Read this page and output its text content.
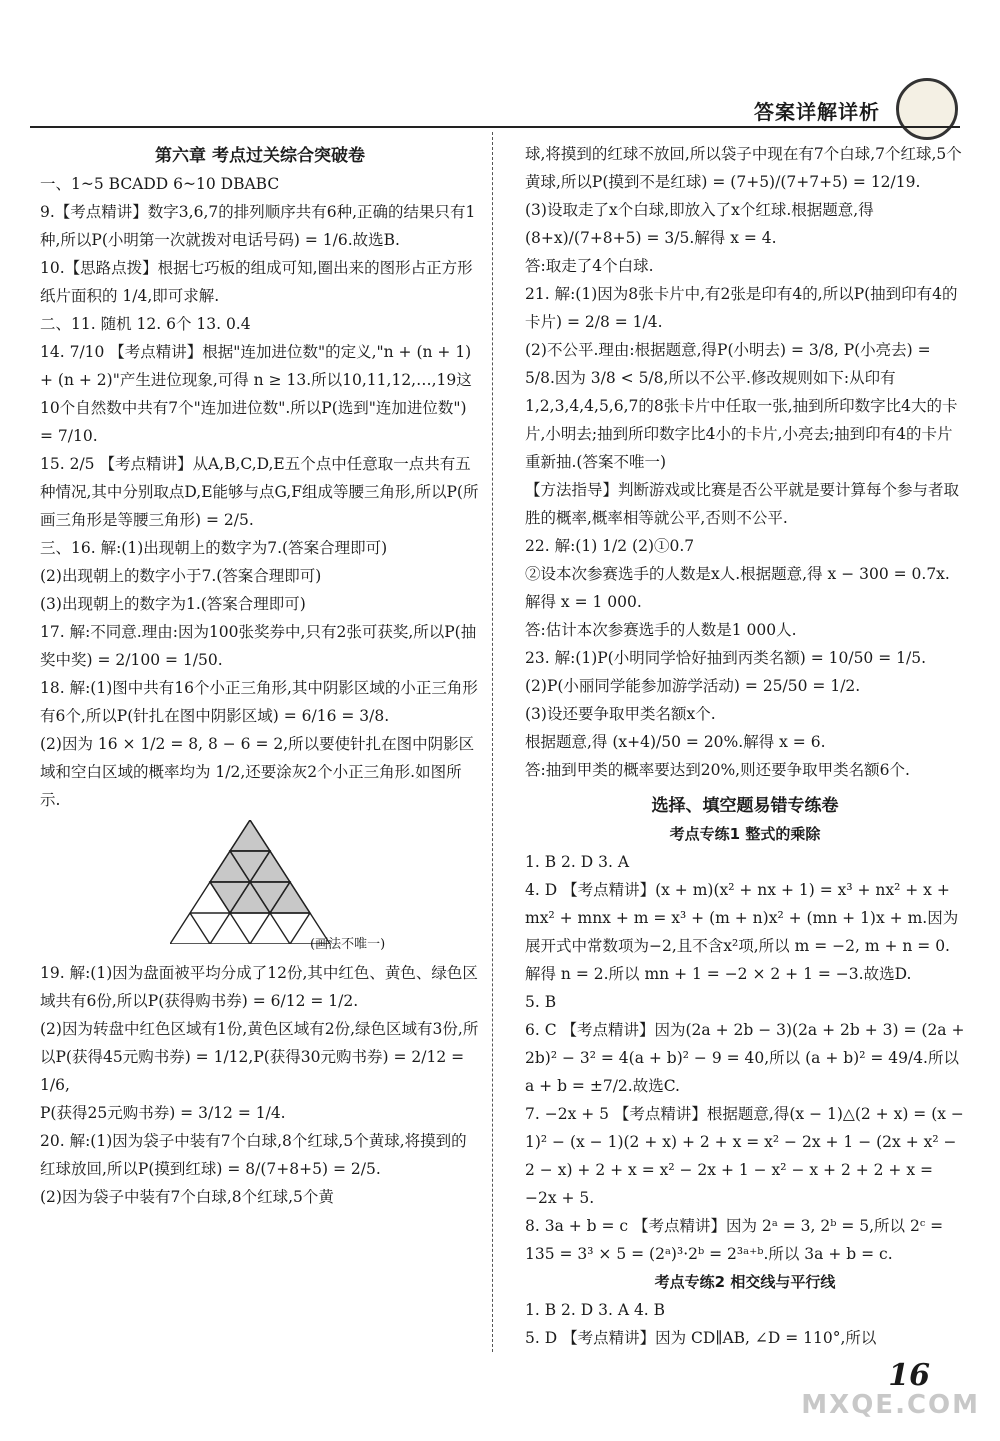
答案详解详析

第六章 考点过关综合突破卷

一、1~5 BCADD 6~10 DBABC

9.【考点精讲】数字3,6,7的排列顺序共有6种,正确的结果只有1种,所以P(小明第一次就拨对电话号码) = 1/6.故选B.

10.【思路点拨】根据七巧板的组成可知,圈出来的图形占正方形纸片面积的 1/4,即可求解.

二、11. 随机 12. 6个 13. 0.4

14. 7/10 【考点精讲】根据"连加进位数"的定义,"n + (n + 1) + (n + 2)"产生进位现象,可得 n ≥ 13.所以10,11,12,…,19这10个自然数中共有7个"连加进位数".所以P(选到"连加进位数") = 7/10.

15. 2/5 【考点精讲】从A,B,C,D,E五个点中任意取一点共有五种情况,其中分别取点D,E能够与点G,F组成等腰三角形,所以P(所画三角形是等腰三角形) = 2/5.

三、16. 解:(1)出现朝上的数字为7.(答案合理即可)

(2)出现朝上的数字小于7.(答案合理即可)

(3)出现朝上的数字为1.(答案合理即可)

17. 解:不同意.理由:因为100张奖券中,只有2张可获奖,所以P(抽奖中奖) = 2/100 = 1/50.

18. 解:(1)图中共有16个小正三角形,其中阴影区域的小正三角形有6个,所以P(针扎在图中阴影区域) = 6/16 = 3/8.

(2)因为 16 × 1/2 = 8, 8 − 6 = 2,所以要使针扎在图中阴影区域和空白区域的概率均为 1/2,还要涂灰2个小正三角形.如图所示.

(画法不唯一)

19. 解:(1)因为盘面被平均分成了12份,其中红色、黄色、绿色区域共有6份,所以P(获得购书券) = 6/12 = 1/2.

(2)因为转盘中红色区域有1份,黄色区域有2份,绿色区域有3份,所以P(获得45元购书券) = 1/12,P(获得30元购书券) = 2/12 = 1/6,

P(获得25元购书券) = 3/12 = 1/4.

20. 解:(1)因为袋子中装有7个白球,8个红球,5个黄球,将摸到的红球放回,所以P(摸到红球) = 8/(7+8+5) = 2/5.

(2)因为袋子中装有7个白球,8个红球,5个黄

球,将摸到的红球不放回,所以袋子中现在有7个白球,7个红球,5个黄球,所以P(摸到不是红球) = (7+5)/(7+7+5) = 12/19.

(3)设取走了x个白球,即放入了x个红球.根据题意,得 (8+x)/(7+8+5) = 3/5.解得 x = 4.

答:取走了4个白球.

21. 解:(1)因为8张卡片中,有2张是印有4的,所以P(抽到印有4的卡片) = 2/8 = 1/4.

(2)不公平.理由:根据题意,得P(小明去) = 3/8, P(小亮去) = 5/8.因为 3/8 < 5/8,所以不公平.修改规则如下:从印有1,2,3,4,4,5,6,7的8张卡片中任取一张,抽到所印数字比4大的卡片,小明去;抽到所印数字比4小的卡片,小亮去;抽到印有4的卡片重新抽.(答案不唯一)

【方法指导】判断游戏或比赛是否公平就是要计算每个参与者取胜的概率,概率相等就公平,否则不公平.

22. 解:(1) 1/2 (2)①0.7

②设本次参赛选手的人数是x人.根据题意,得 x − 300 = 0.7x.解得 x = 1 000.

答:估计本次参赛选手的人数是1 000人.

23. 解:(1)P(小明同学恰好抽到丙类名额) = 10/50 = 1/5.

(2)P(小丽同学能参加游学活动) = 25/50 = 1/2.

(3)设还要争取甲类名额x个.

根据题意,得 (x+4)/50 = 20%.解得 x = 6.

答:抽到甲类的概率要达到20%,则还要争取甲类名额6个.

选择、填空题易错专练卷

考点专练1 整式的乘除

1. B 2. D 3. A

4. D 【考点精讲】(x + m)(x² + nx + 1) = x³ + nx² + x + mx² + mnx + m = x³ + (m + n)x² + (mn + 1)x + m.因为展开式中常数项为−2,且不含x²项,所以 m = −2, m + n = 0.解得 n = 2.所以 mn + 1 = −2 × 2 + 1 = −3.故选D.

5. B

6. C 【考点精讲】因为(2a + 2b − 3)(2a + 2b + 3) = (2a + 2b)² − 3² = 4(a + b)² − 9 = 40,所以 (a + b)² = 49/4.所以 a + b = ±7/2.故选C.

7. −2x + 5 【考点精讲】根据题意,得(x − 1)△(2 + x) = (x − 1)² − (x − 1)(2 + x) + 2 + x = x² − 2x + 1 − (2x + x² − 2 − x) + 2 + x = x² − 2x + 1 − x² − x + 2 + 2 + x = −2x + 5.

8. 3a + b = c 【考点精讲】因为 2ᵃ = 3, 2ᵇ = 5,所以 2ᶜ = 135 = 3³ × 5 = (2ᵃ)³·2ᵇ = 2³ᵃ⁺ᵇ.所以 3a + b = c.

考点专练2 相交线与平行线

1. B 2. D 3. A 4. B

5. D 【考点精讲】因为 CD∥AB, ∠D = 110°,所以

16
MXQE.COM
